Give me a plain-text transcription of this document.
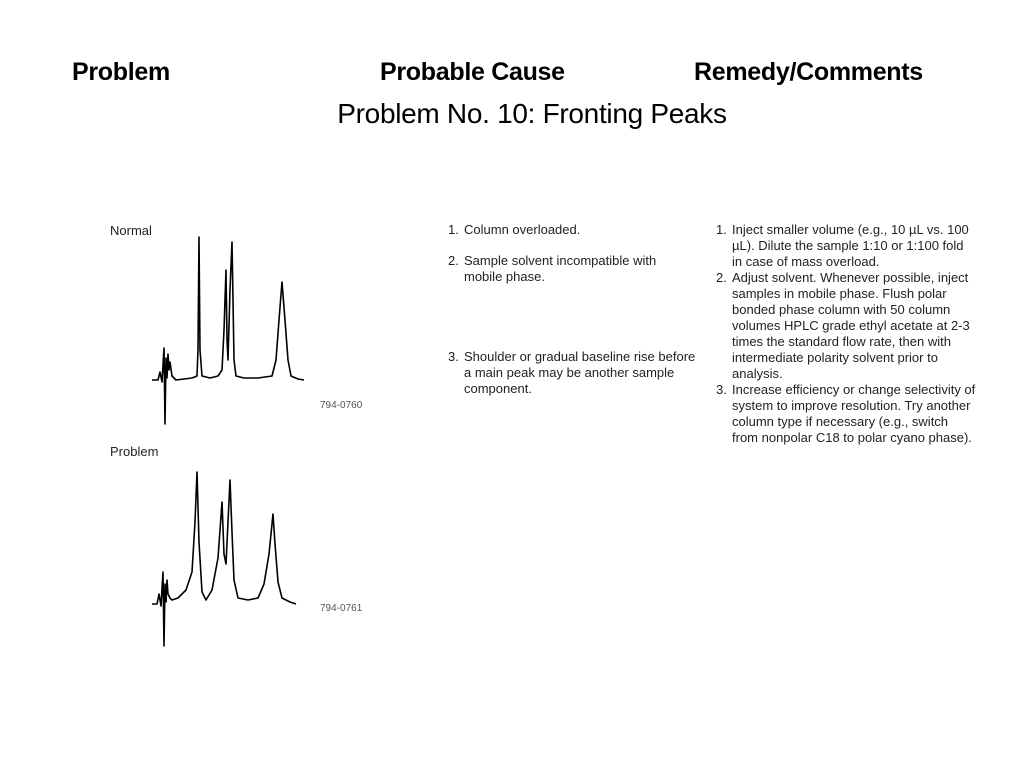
Problem	Probable Cause	Remedy/Comments
Problem No. 10: Fronting Peaks
Normal
794-0760
Problem
794-0761
1. Column overloaded.
2. Sample solvent incompatible with mobile phase.
3. Shoulder or gradual baseline rise before a main peak may be another sample component.
1. Inject smaller volume (e.g., 10 µL vs. 100 µL). Dilute the sample 1:10 or 1:100 fold in case of mass overload.
2. Adjust solvent. Whenever possible, inject samples in mobile phase. Flush polar bonded phase column with 50 column volumes HPLC grade ethyl acetate at 2-3 times the standard flow rate, then with intermediate polarity solvent prior to analysis.
3. Increase efficiency or change selectivity of system to improve resolution. Try another column type if necessary (e.g., switch from nonpolar C18 to polar cyano phase).
